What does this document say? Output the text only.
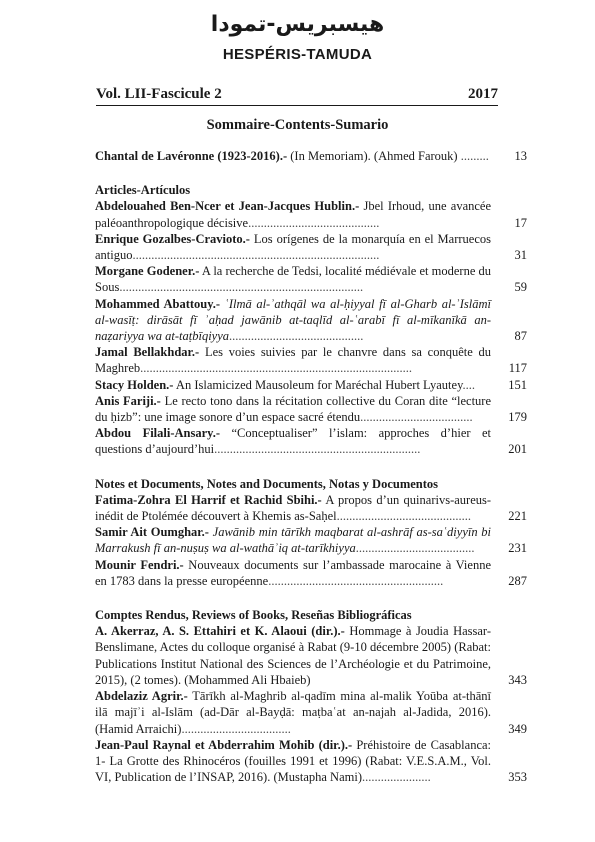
هيسبريس-تمودا
HESPÉRIS-TAMUDA
Vol. LII-Fascicule 2	2017
Sommaire-Contents-Sumario
Chantal de Lavéronne (1923-2016).- (In Memoriam). (Ahmed Farouk) ......... 13
Articles-Artículos
Abdelouahed Ben-Ncer et Jean-Jacques Hublin.- Jbel Irhoud, une avancée paléoanthropologique décisive..........................................	17
Enrique Gozalbes-Cravioto.- Los orígenes de la monarquía en el Marruecos antiguo...............................................................................	31
Morgane Godener.- A la recherche de Tedsi, localité médiévale et moderne du Sous..............................................................................	59
Mohammed Abattouy.- ʿIlmā al-ʾathqāl wa al-ḥiyyal fī al-Gharb al-ʾIslāmī al-wasīṭ: dirāsāt fī ʾaḥad jawānib at-taqlīd al-ʿarabī fī al-mīkanīkā an-naẓariyya wa at-taṭbīqiyya...........................................	87
Jamal Bellakhdar.- Les voies suivies par le chanvre dans sa conquête du Maghreb.......................................................................................	117
Stacy Holden.- An Islamicized Mausoleum for Maréchal Hubert Lyautey....	151
Anis Fariji.- Le recto tono dans la récitation collective du Coran dite “lecture du ḥizb”: une image sonore d’un espace sacré étendu....................................	179
Abdou Filali-Ansary.- “Conceptualiser” l’islam: approches d’hier et questions d’aujourd’hui..................................................................	201
Notes et Documents, Notes and Documents, Notas y Documentos
Fatima-Zohra El Harrif et Rachid Sbihi.- A propos d’un quinarivs-aureus- inédit de Ptolémée découvert à Khemis as-Saḥel...........................................	221
Samir Ait Oumghar.- Jawānib min tārīkh maqbarat al-ashrāf as-saʿdiyyīn bi Marrakush fī an-nuṣuṣ wa al-wathāʾiq at-tarīkhiyya......................................	231
Mounir Fendri.- Nouveaux documents sur l’ambassade marocaine à Vienne en 1783 dans la presse européenne........................................................	287
Comptes Rendus, Reviews of Books, Reseñas Bibliográficas
A. Akerraz, A. S. Ettahiri et K. Alaoui (dir.).- Hommage à Joudia Hassar-Benslimane, Actes du colloque organisé à Rabat (9-10 décembre 2005) (Rabat: Publications Institut National des Sciences de l’Archéologie et du Patrimoine, 2015), (2 tomes). (Mohammed Ali Hbaieb)	343
Abdelaziz Agrir.- Tārīkh al-Maghrib al-qadīm mina al-malik Yoūba at-thānī ilā majīʾi al-Islām (ad-Dār al-Bayḍā: maṭbaʿat an-najah al-Jadida, 2016). (Hamid Arraichi)...................................	349
Jean-Paul Raynal et Abderrahim Mohib (dir.).- Préhistoire de Casablanca: 1- La Grotte des Rhinocéros (fouilles 1991 et 1996) (Rabat: V.E.S.A.M., Vol. VI, Publication de l’INSAP, 2016). (Mustapha Nami)......................	353
